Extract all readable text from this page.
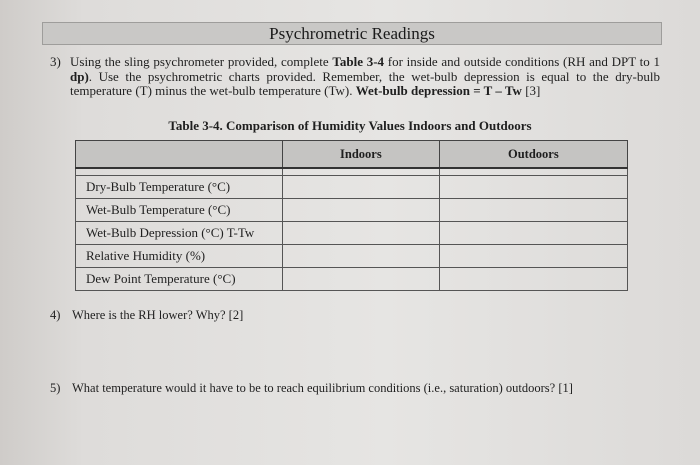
Psychrometric Readings
3) Using the sling psychrometer provided, complete Table 3-4 for inside and outside conditions (RH and DPT to 1 dp). Use the psychrometric charts provided. Remember, the wet-bulb depression is equal to the dry-bulb temperature (T) minus the wet-bulb temperature (Tw). Wet-bulb depression = T – Tw [3]
Table 3-4. Comparison of Humidity Values Indoors and Outdoors
	Indoors	Outdoors

Dry-Bulb Temperature (°C)		
Wet-Bulb Temperature (°C)		
Wet-Bulb Depression (°C) T-Tw		
Relative Humidity (%)		
Dew Point Temperature (°C)		
4) Where is the RH lower? Why? [2]
5) What temperature would it have to be to reach equilibrium conditions (i.e., saturation) outdoors? [1]
